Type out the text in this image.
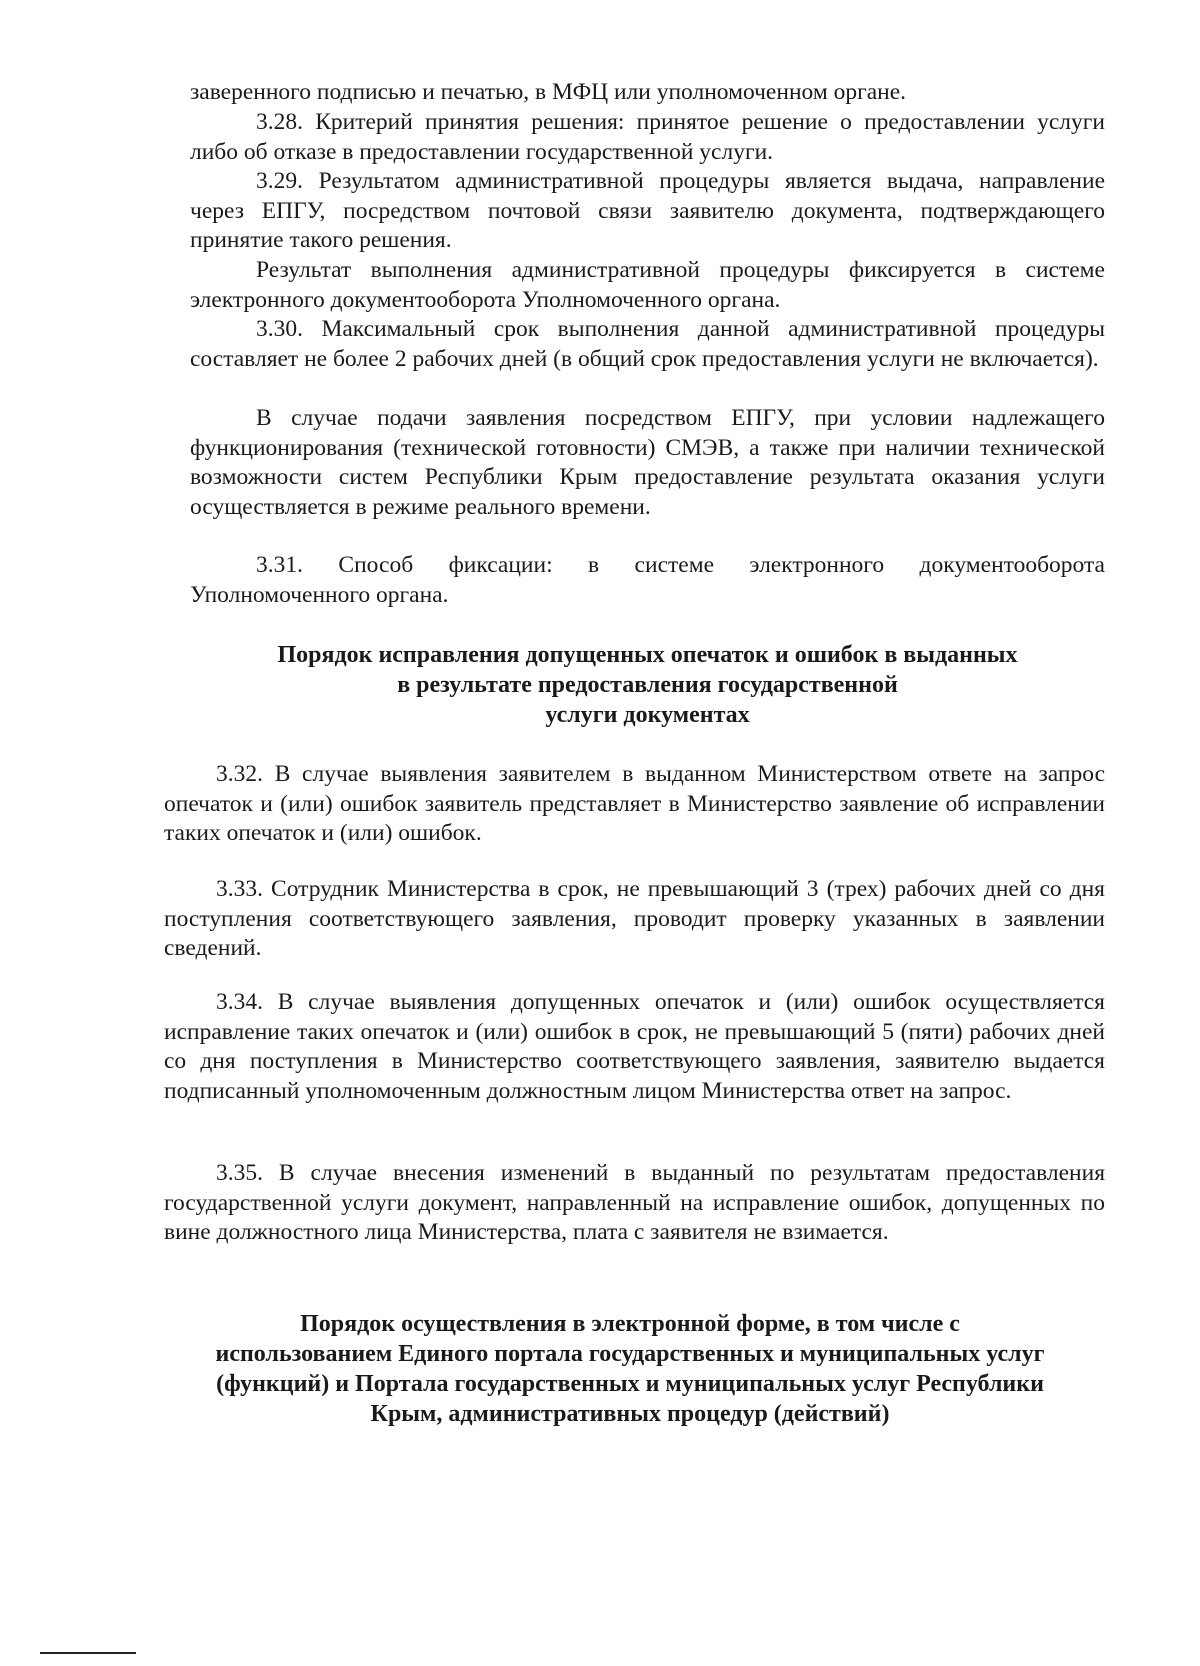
заверенного подписью и печатью, в МФЦ или уполномоченном органе.

3.28. Критерий принятия решения: принятое решение о предоставлении услуги либо об отказе в предоставлении государственной услуги.

3.29. Результатом административной процедуры является выдача, направление через ЕПГУ, посредством почтовой связи заявителю документа, подтверждающего принятие такого решения.

Результат выполнения административной процедуры фиксируется в системе электронного документооборота Уполномоченного органа.

3.30. Максимальный срок выполнения данной административной процедуры составляет не более 2 рабочих дней (в общий срок предоставления услуги не включается).

В случае подачи заявления посредством ЕПГУ, при условии надлежащего функционирования (технической готовности) СМЭВ, а также при наличии технической возможности систем Республики Крым предоставление результата оказания услуги осуществляется в режиме реального времени.

3.31. Способ фиксации: в системе электронного документооборота Уполномоченного органа.

Порядок исправления допущенных опечаток и ошибок в выданных
в результате предоставления государственной
услуги документах

3.32. В случае выявления заявителем в выданном Министерством ответе на запрос опечаток и (или) ошибок заявитель представляет в Министерство заявление об исправлении таких опечаток и (или) ошибок.

3.33. Сотрудник Министерства в срок, не превышающий 3 (трех) рабочих дней со дня поступления соответствующего заявления, проводит проверку указанных в заявлении сведений.

3.34. В случае выявления допущенных опечаток и (или) ошибок осуществляется исправление таких опечаток и (или) ошибок в срок, не превышающий 5 (пяти) рабочих дней со дня поступления в Министерство соответствующего заявления, заявителю выдается подписанный уполномоченным должностным лицом Министерства ответ на запрос.

3.35. В случае внесения изменений в выданный по результатам предоставления государственной услуги документ, направленный на исправление ошибок, допущенных по вине должностного лица Министерства, плата с заявителя не взимается.

Порядок осуществления в электронной форме, в том числе с
использованием Единого портала государственных и муниципальных услуг
(функций) и Портала государственных и муниципальных услуг Республики
Крым, административных процедур (действий)
